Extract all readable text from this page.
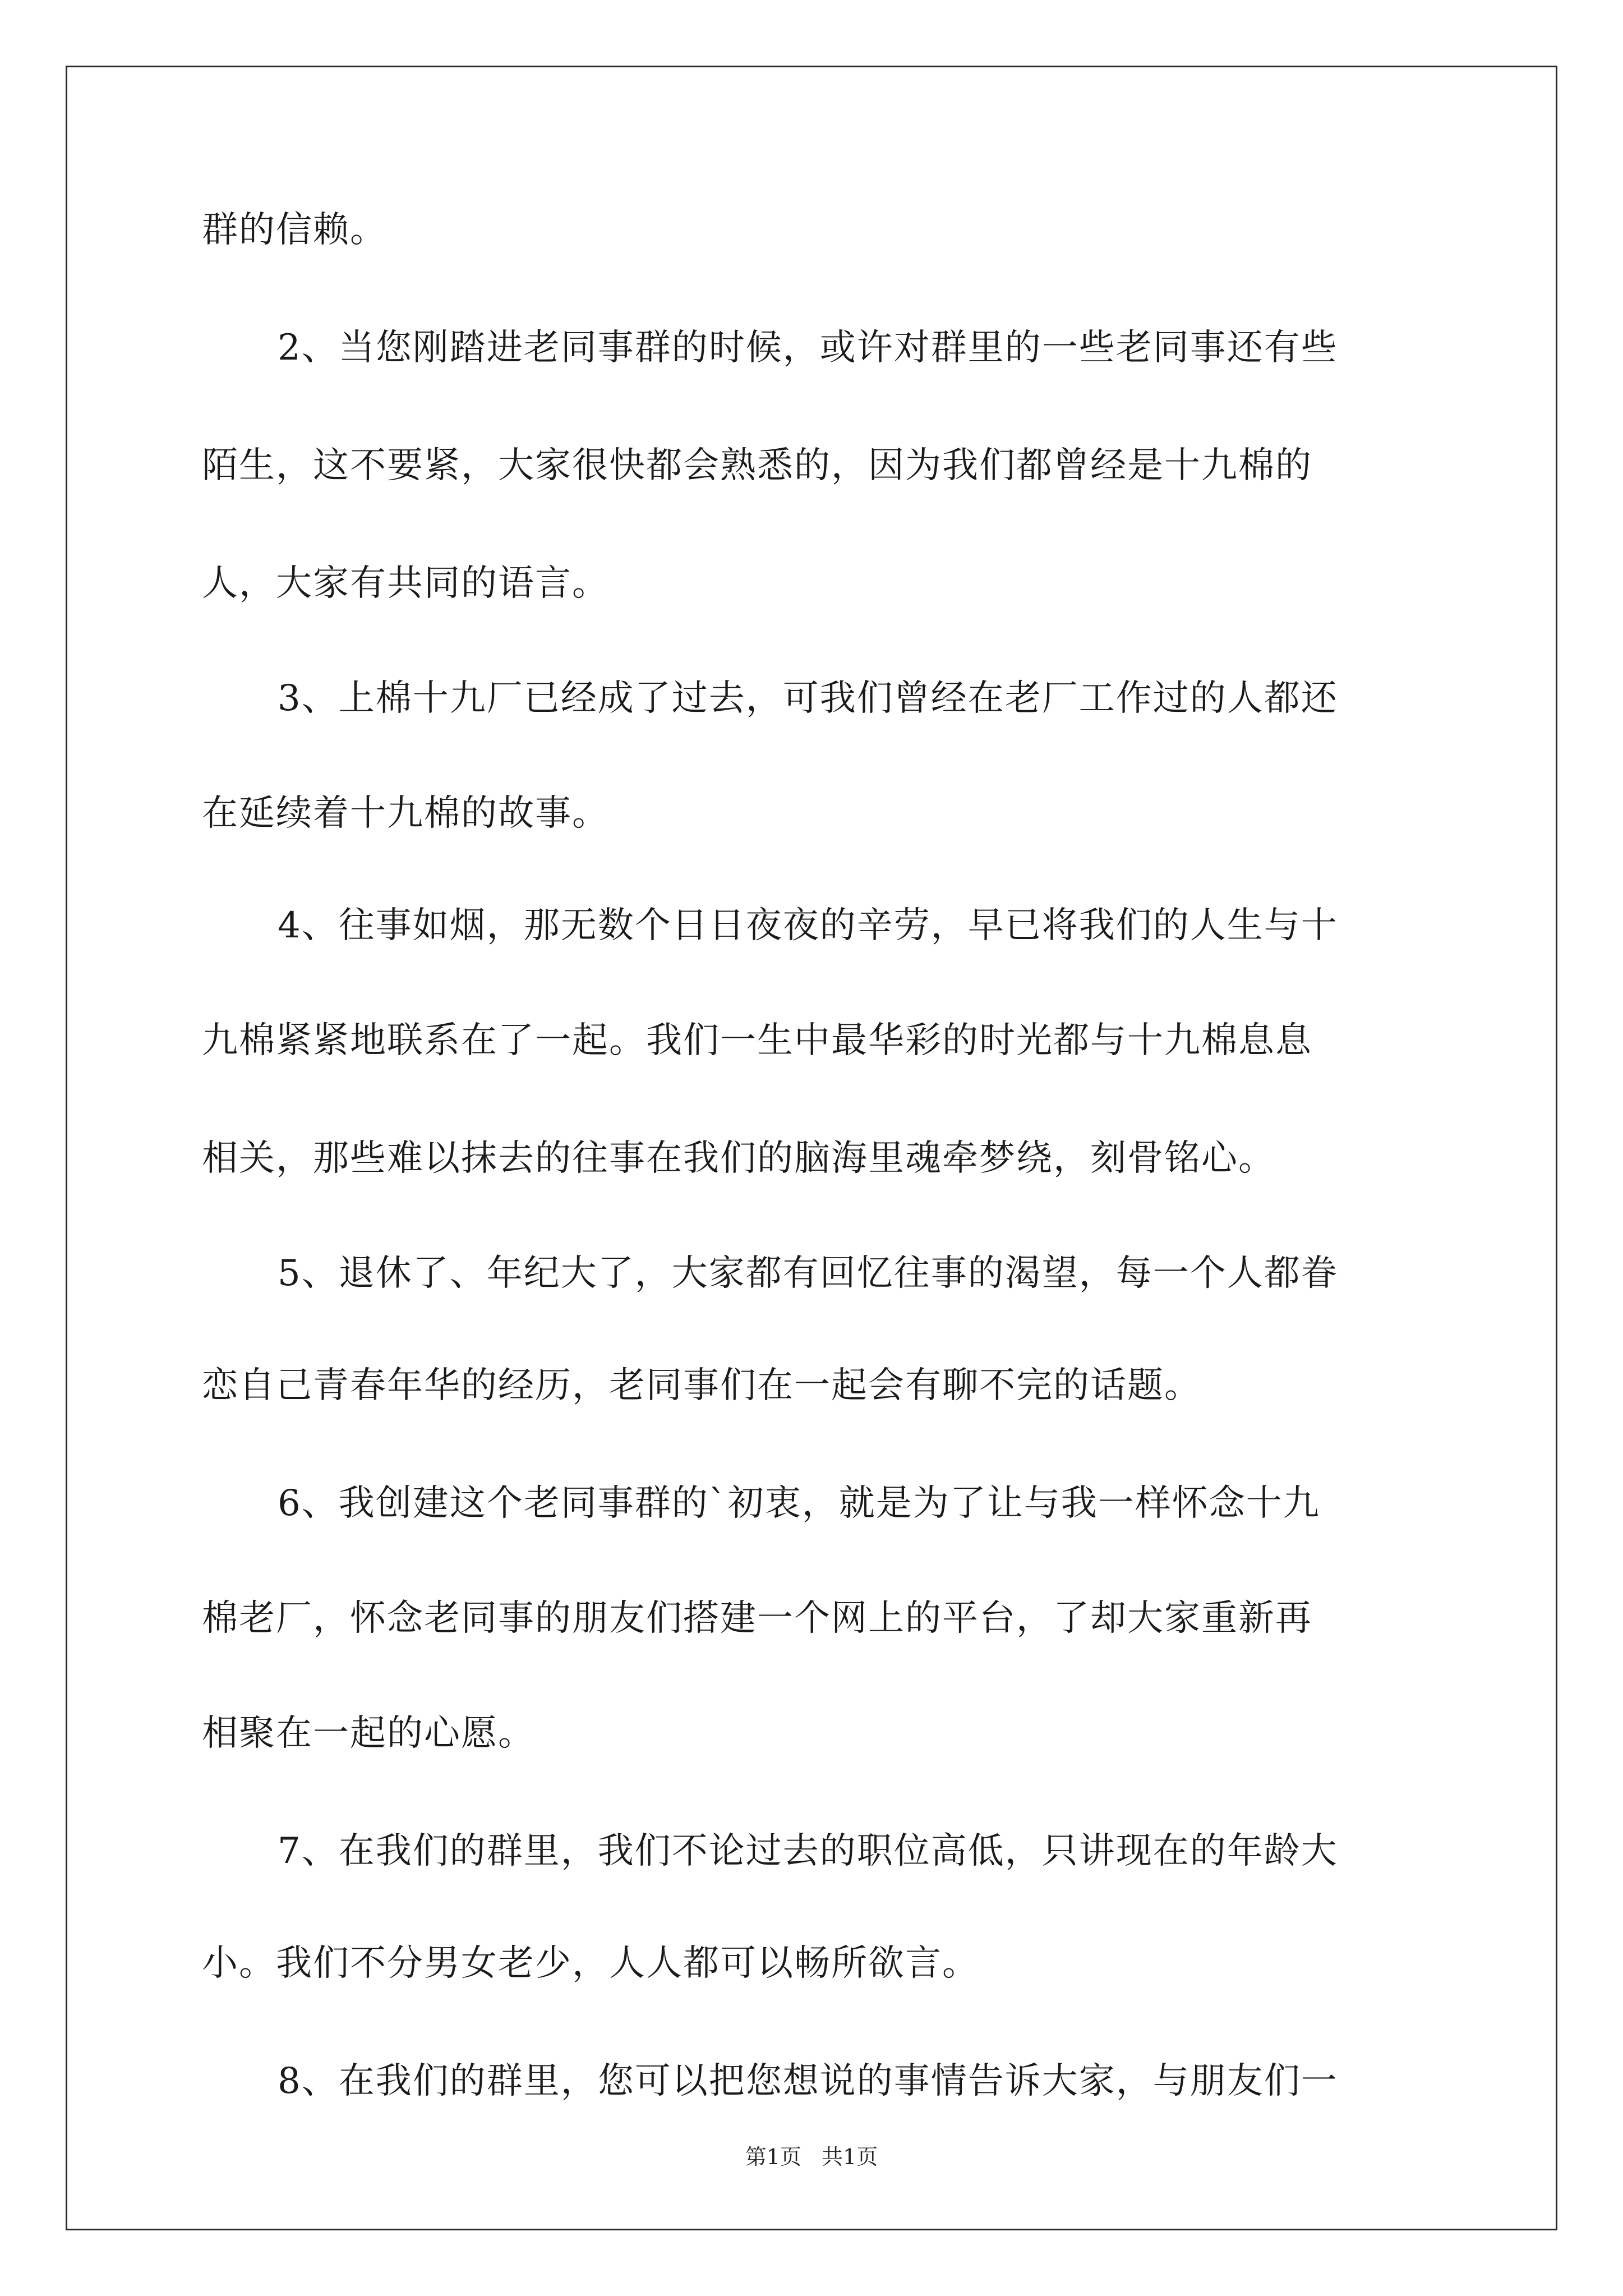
群的信赖。
2、当您刚踏进老同事群的时候，或许对群里的一些老同事还有些
陌生，这不要紧，大家很快都会熟悉的，因为我们都曾经是十九棉的
人，大家有共同的语言。
3、上棉十九厂已经成了过去，可我们曾经在老厂工作过的人都还
在延续着十九棉的故事。
4、往事如烟，那无数个日日夜夜的辛劳，早已将我们的人生与十
九棉紧紧地联系在了一起。我们一生中最华彩的时光都与十九棉息息
相关，那些难以抹去的往事在我们的脑海里魂牵梦绕，刻骨铭心。
5、退休了、年纪大了，大家都有回忆往事的渴望，每一个人都眷
恋自己青春年华的经历，老同事们在一起会有聊不完的话题。
6、我创建这个老同事群的`初衷，就是为了让与我一样怀念十九
棉老厂，怀念老同事的朋友们搭建一个网上的平台，了却大家重新再
相聚在一起的心愿。
7、在我们的群里，我们不论过去的职位高低，只讲现在的年龄大
小。我们不分男女老少，人人都可以畅所欲言。
8、在我们的群里，您可以把您想说的事情告诉大家，与朋友们一
第1页 共1页
